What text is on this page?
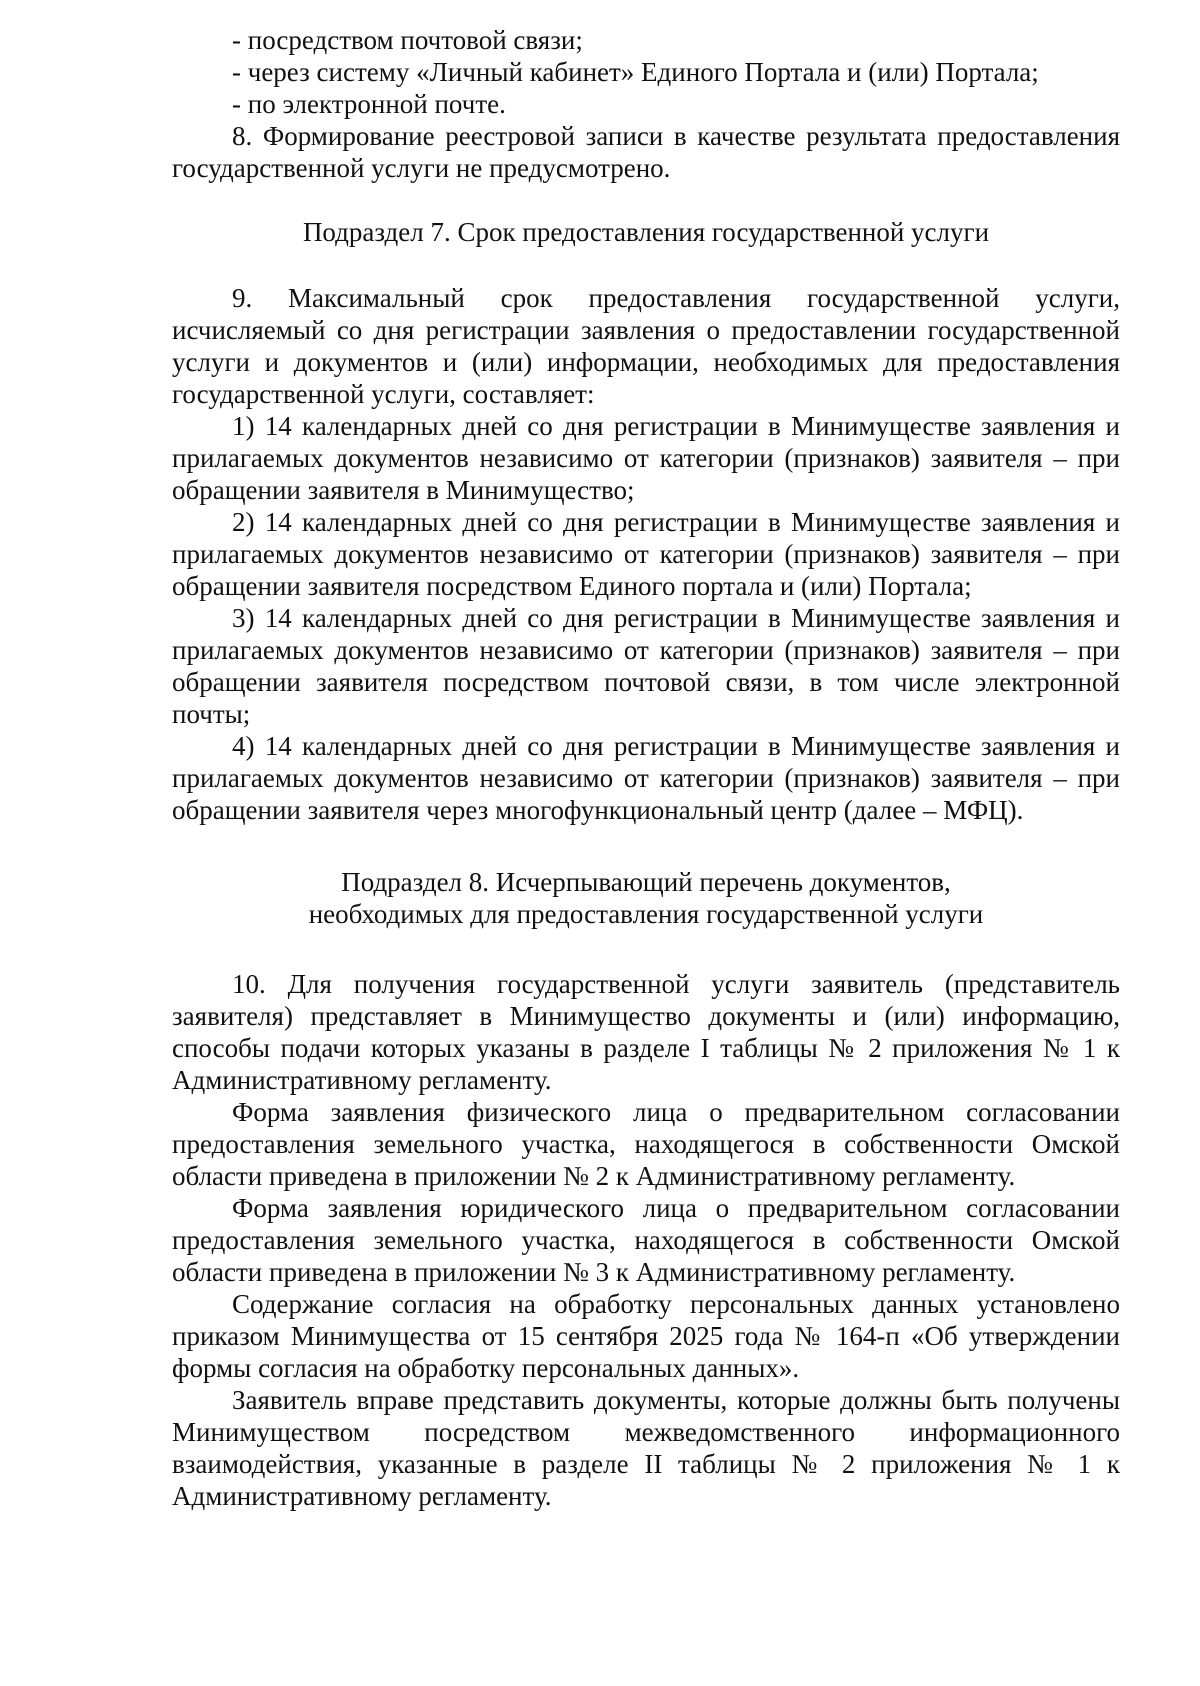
- посредством почтовой связи;

- через систему «Личный кабинет» Единого Портала и (или) Портала;

- по электронной почте.

8. Формирование реестровой записи в качестве результата предоставления государственной услуги не предусмотрено.

Подраздел 7. Срок предоставления государственной услуги

9. Максимальный срок предоставления государственной услуги, исчисляемый со дня регистрации заявления о предоставлении государственной услуги и документов и (или) информации, необходимых для предоставления государственной услуги, составляет:

1) 14 календарных дней со дня регистрации в Минимуществе заявления и прилагаемых документов независимо от категории (признаков) заявителя – при обращении заявителя в Минимущество;

2) 14 календарных дней со дня регистрации в Минимуществе заявления и прилагаемых документов независимо от категории (признаков) заявителя – при обращении заявителя посредством Единого портала и (или) Портала;

3) 14 календарных дней со дня регистрации в Минимуществе заявления и прилагаемых документов независимо от категории (признаков) заявителя – при обращении заявителя посредством почтовой связи, в том числе электронной почты;

4) 14 календарных дней со дня регистрации в Минимуществе заявления и прилагаемых документов независимо от категории (признаков) заявителя – при обращении заявителя через многофункциональный центр (далее – МФЦ).

Подраздел 8. Исчерпывающий перечень документов,

необходимых для предоставления государственной услуги

10. Для получения государственной услуги заявитель (представитель заявителя) представляет в Минимущество документы и (или) информацию, способы подачи которых указаны в разделе I таблицы № 2 приложения № 1 к Административному регламенту.

Форма заявления физического лица о предварительном согласовании предоставления земельного участка, находящегося в собственности Омской области приведена в приложении № 2 к Административному регламенту.

Форма заявления юридического лица о предварительном согласовании предоставления земельного участка, находящегося в собственности Омской области приведена в приложении № 3 к Административному регламенту.

Содержание согласия на обработку персональных данных установлено приказом Минимущества от 15 сентября 2025 года № 164-п «Об утверждении формы согласия на обработку персональных данных».

Заявитель вправе представить документы, которые должны быть получены Минимуществом посредством межведомственного информационного взаимодействия, указанные в разделе II таблицы № 2 приложения № 1 к Административному регламенту.
